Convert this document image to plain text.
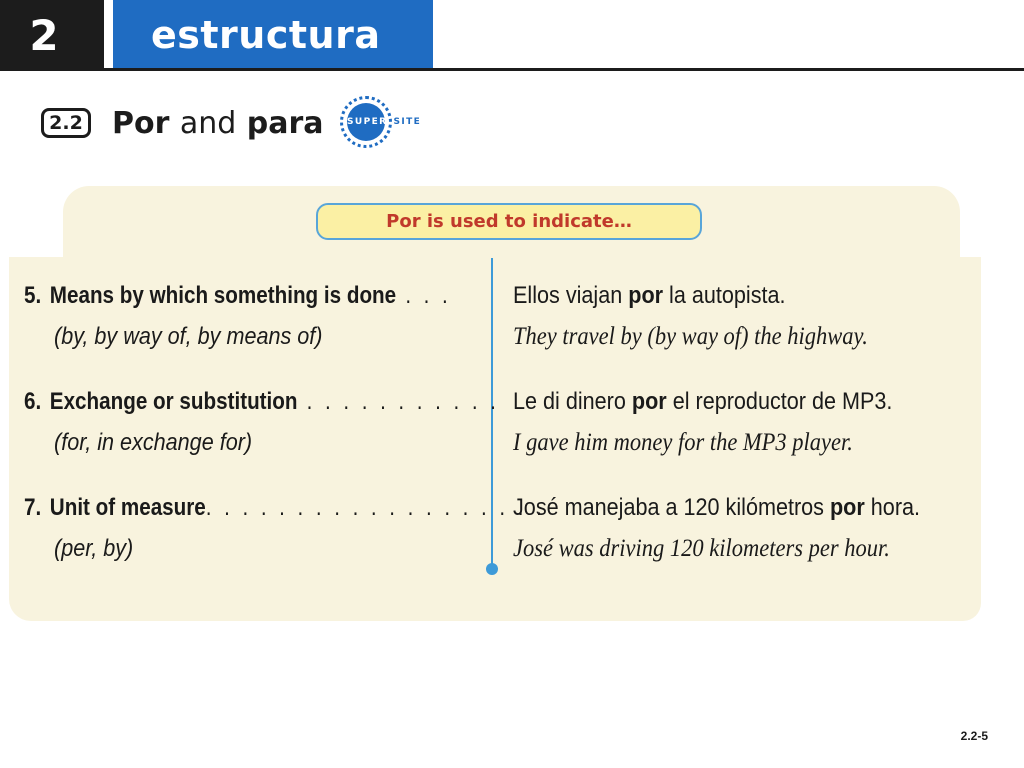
2	estructura
2.2 Por and para	SUPER SITE
Por is used to indicate…
5. Means by which something is done . . .
(by, by way of, by means of)
Ellos viajan por la autopista.
They travel by (by way of) the highway.
6. Exchange or substitution . . . . . . . . . . .
(for, in exchange for)
Le di dinero por el reproductor de MP3.
I gave him money for the MP3 player.
7. Unit of measure. . . . . . . . . . . . . . . . . . .
(per, by)
José manejaba a 120 kilómetros por hora.
José was driving 120 kilometers per hour.
2.2-5
